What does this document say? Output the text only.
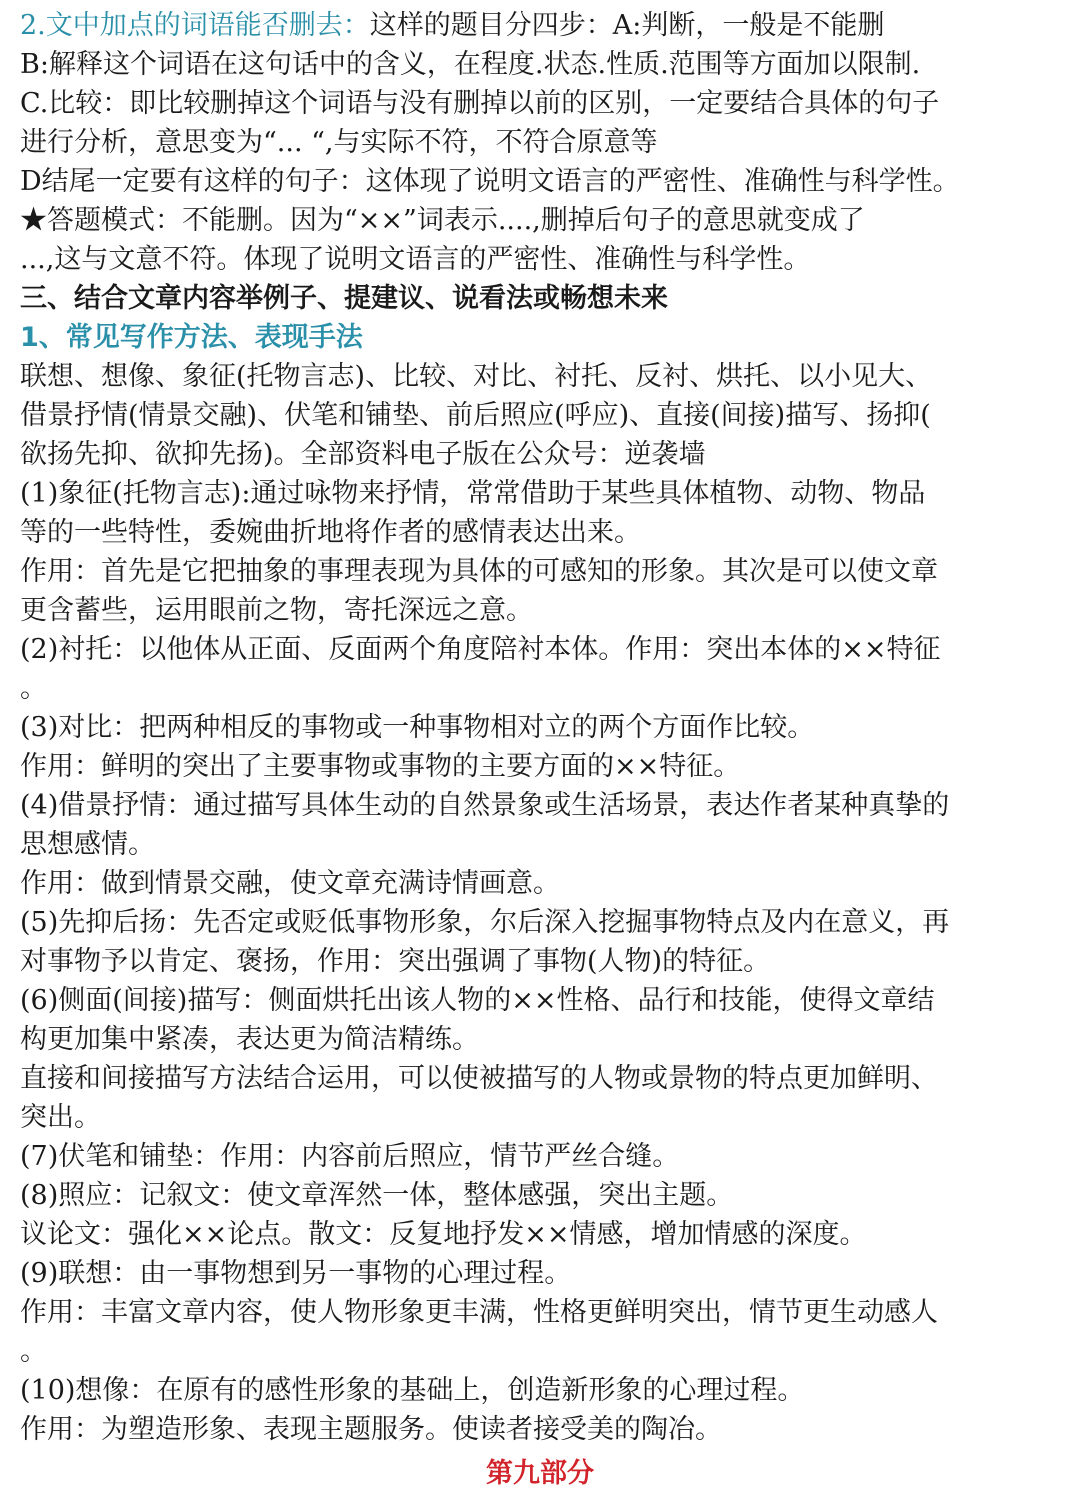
2.文中加点的词语能否删去：这样的题目分四步：A:判断，一般是不能删
B:解释这个词语在这句话中的含义，在程度.状态.性质.范围等方面加以限制.
C.比较：即比较删掉这个词语与没有删掉以前的区别，一定要结合具体的句子
进行分析，意思变为“... “,与实际不符，不符合原意等
D结尾一定要有这样的句子：这体现了说明文语言的严密性、准确性与科学性。
★答题模式：不能删。因为“××”词表示....,删掉后句子的意思就变成了
...,这与文意不符。体现了说明文语言的严密性、准确性与科学性。
三、结合文章内容举例子、提建议、说看法或畅想未来
1、常见写作方法、表现手法
联想、想像、象征(托物言志)、比较、对比、衬托、反衬、烘托、以小见大、
借景抒情(情景交融)、伏笔和铺垫、前后照应(呼应)、直接(间接)描写、扬抑(
欲扬先抑、欲抑先扬)。全部资料电子版在公众号：逆袭墙
(1)象征(托物言志):通过咏物来抒情，常常借助于某些具体植物、动物、物品
等的一些特性，委婉曲折地将作者的感情表达出来。
作用：首先是它把抽象的事理表现为具体的可感知的形象。其次是可以使文章
更含蓄些，运用眼前之物，寄托深远之意。
(2)衬托：以他体从正面、反面两个角度陪衬本体。作用：突出本体的××特征
。
(3)对比：把两种相反的事物或一种事物相对立的两个方面作比较。
作用：鲜明的突出了主要事物或事物的主要方面的××特征。
(4)借景抒情：通过描写具体生动的自然景象或生活场景，表达作者某种真挚的
思想感情。
作用：做到情景交融，使文章充满诗情画意。
(5)先抑后扬：先否定或贬低事物形象，尔后深入挖掘事物特点及内在意义，再
对事物予以肯定、褒扬，作用：突出强调了事物(人物)的特征。
(6)侧面(间接)描写：侧面烘托出该人物的××性格、品行和技能，使得文章结
构更加集中紧凑，表达更为简洁精练。
直接和间接描写方法结合运用，可以使被描写的人物或景物的特点更加鲜明、
突出。
(7)伏笔和铺垫：作用：内容前后照应，情节严丝合缝。
(8)照应：记叙文：使文章浑然一体，整体感强，突出主题。
议论文：强化××论点。散文：反复地抒发××情感，增加情感的深度。
(9)联想：由一事物想到另一事物的心理过程。
作用：丰富文章内容，使人物形象更丰满，性格更鲜明突出，情节更生动感人
。
(10)想像：在原有的感性形象的基础上，创造新形象的心理过程。
作用：为塑造形象、表现主题服务。使读者接受美的陶冶。
第九部分
